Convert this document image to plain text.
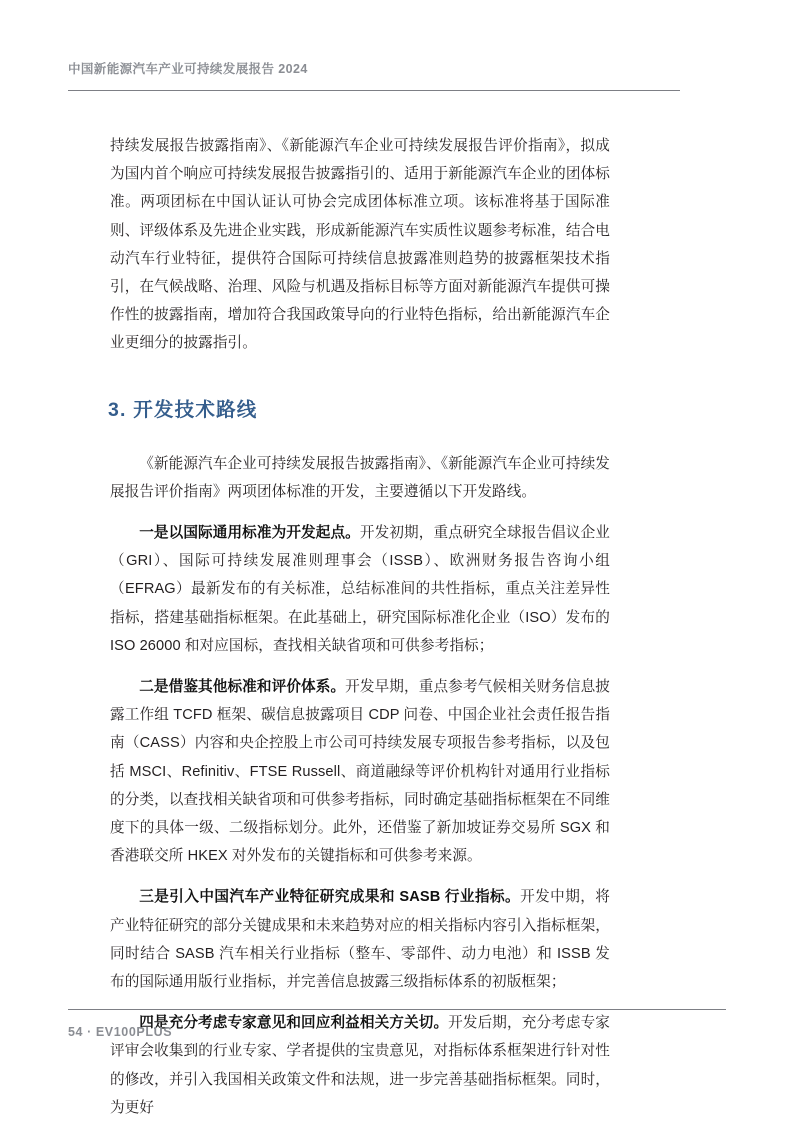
中国新能源汽车产业可持续发展报告 2024

持续发展报告披露指南》、《新能源汽车企业可持续发展报告评价指南》，拟成为国内首个响应可持续发展报告披露指引的、适用于新能源汽车企业的团体标准。两项团标在中国认证认可协会完成团体标准立项。该标准将基于国际准则、评级体系及先进企业实践，形成新能源汽车实质性议题参考标准，结合电动汽车行业特征，提供符合国际可持续信息披露准则趋势的披露框架技术指引，在气候战略、治理、风险与机遇及指标目标等方面对新能源汽车提供可操作性的披露指南，增加符合我国政策导向的行业特色指标，给出新能源汽车企业更细分的披露指引。

3. 开发技术路线

《新能源汽车企业可持续发展报告披露指南》、《新能源汽车企业可持续发展报告评价指南》两项团体标准的开发，主要遵循以下开发路线。

一是以国际通用标准为开发起点。开发初期，重点研究全球报告倡议企业（GRI）、国际可持续发展准则理事会（ISSB）、欧洲财务报告咨询小组（EFRAG）最新发布的有关标准，总结标准间的共性指标，重点关注差异性指标，搭建基础指标框架。在此基础上，研究国际标准化企业（ISO）发布的 ISO 26000 和对应国标，查找相关缺省项和可供参考指标；

二是借鉴其他标准和评价体系。开发早期，重点参考气候相关财务信息披露工作组 TCFD 框架、碳信息披露项目 CDP 问卷、中国企业社会责任报告指南（CASS）内容和央企控股上市公司可持续发展专项报告参考指标，以及包括 MSCI、Refinitiv、FTSE Russell、商道融绿等评价机构针对通用行业指标的分类，以查找相关缺省项和可供参考指标，同时确定基础指标框架在不同维度下的具体一级、二级指标划分。此外，还借鉴了新加坡证券交易所 SGX 和香港联交所 HKEX 对外发布的关键指标和可供参考来源。

三是引入中国汽车产业特征研究成果和 SASB 行业指标。开发中期，将产业特征研究的部分关键成果和未来趋势对应的相关指标内容引入指标框架，同时结合 SASB 汽车相关行业指标（整车、零部件、动力电池）和 ISSB 发布的国际通用版行业指标，并完善信息披露三级指标体系的初版框架；

四是充分考虑专家意见和回应利益相关方关切。开发后期，充分考虑专家评审会收集到的行业专家、学者提供的宝贵意见，对指标体系框架进行针对性的修改，并引入我国相关政策文件和法规，进一步完善基础指标框架。同时，为更好

54 · EV100PLUS
